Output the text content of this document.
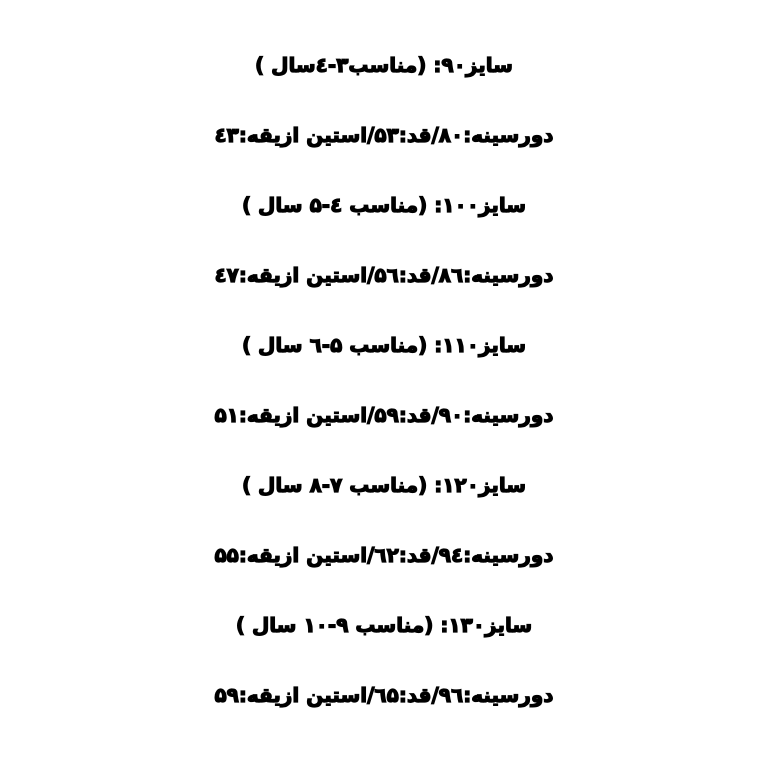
سایز۹۰: (مناسب۳-٤سال )
دورسینه:۸۰/قد:۵۳/استین ازیقه:٤۳
سایز۱۰۰: (مناسب ٤-۵ سال )
دورسینه:۸٦/قد:۵٦/استین ازیقه:٤۷
سایز۱۱۰: (مناسب ۵-٦ سال )
دورسینه:۹۰/قد:۵۹/استین ازیقه:۵۱
سایز۱۲۰: (مناسب ۷-۸ سال )
دورسینه:۹٤/قد:٦۲/استین ازیقه:۵۵
سایز۱۳۰: (مناسب ۹-۱۰ سال )
دورسینه:۹٦/قد:٦۵/استین ازیقه:۵۹
